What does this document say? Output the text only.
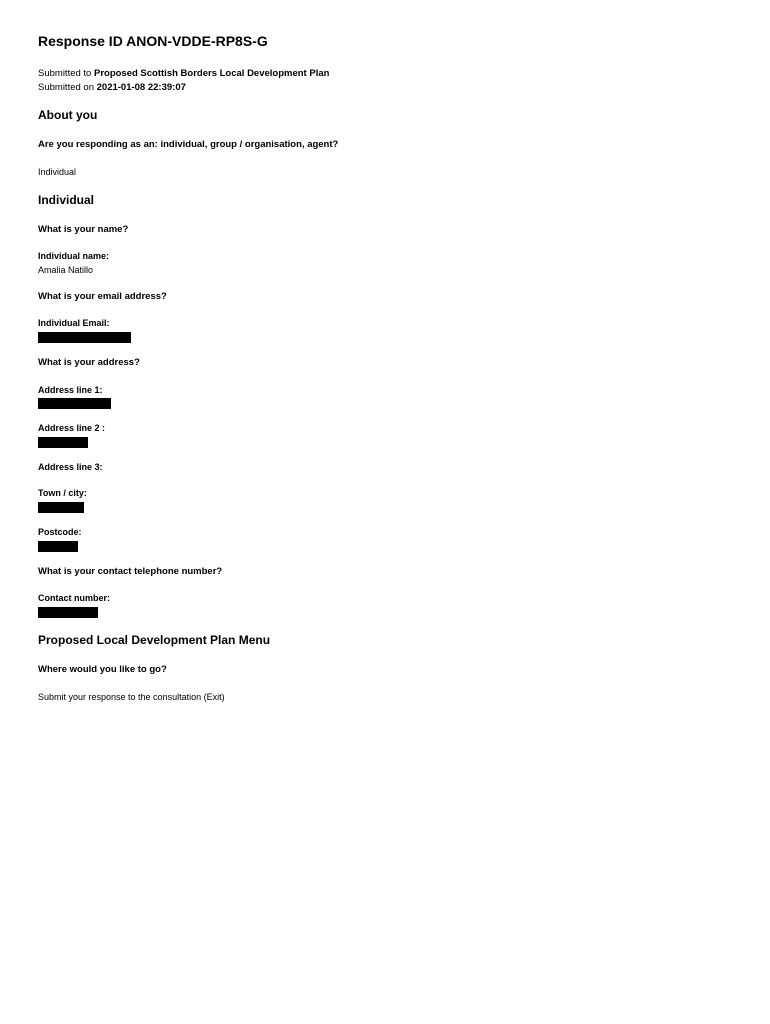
Response ID ANON-VDDE-RP8S-G
Submitted to Proposed Scottish Borders Local Development Plan
Submitted on 2021-01-08 22:39:07
About you
Are you responding as an: individual, group / organisation, agent?
Individual
Individual
What is your name?
Individual name:
Amalia Natillo
What is your email address?
Individual Email:
What is your address?
Address line 1:
Address line 2 :
Address line 3:
Town / city:
Postcode:
What is your contact telephone number?
Contact number:
Proposed Local Development Plan Menu
Where would you like to go?
Submit your response to the consultation (Exit)
